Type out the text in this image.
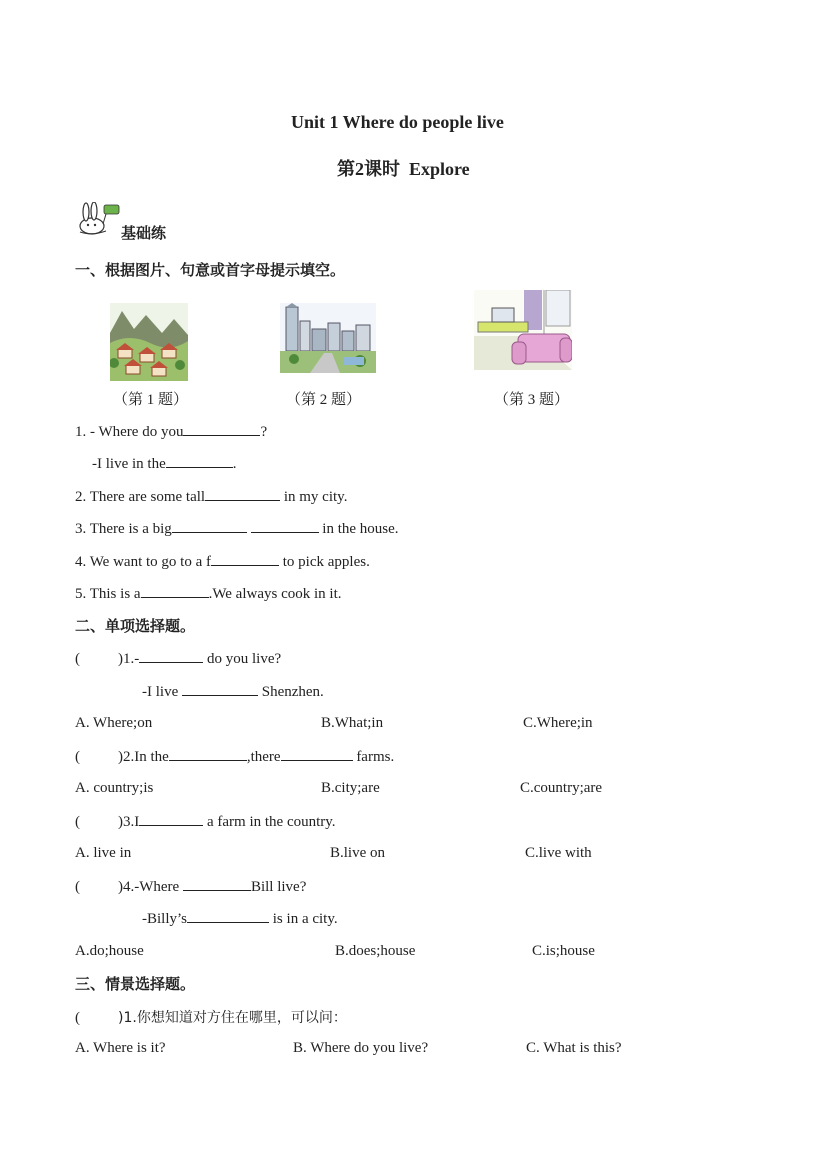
Unit 1 Where do people live
第2课时  Explore
基础练
一、根据图片、句意或首字母提示填空。
（第 1 题）	（第 2 题）	（第 3 题）
1. - Where do you	?
-I live in the	.
2. There are some tall	in my city.
3. There is a big	in the house.
4. We want to go to a f	to pick apples.
5. This is a	.We always cook in it.
二、单项选择题。
(	)1.-	do you live?
-I live	Shenzhen.
A. Where;on	B.What;in	C.Where;in
(	)2.In the	,there	farms.
A. country;is	B.city;are	C.country;are
(	)3.I	a farm in the country.
A. live in	B.live on	C.live with
(	)4.-Where	Bill live?
-Billy’s	is in a city.
A.do;house	B.does;house	C.is;house
三、情景选择题。
(	)1.你想知道对方住在哪里，可以问：
A. Where is it?	B. Where do you live?	C. What is this?
